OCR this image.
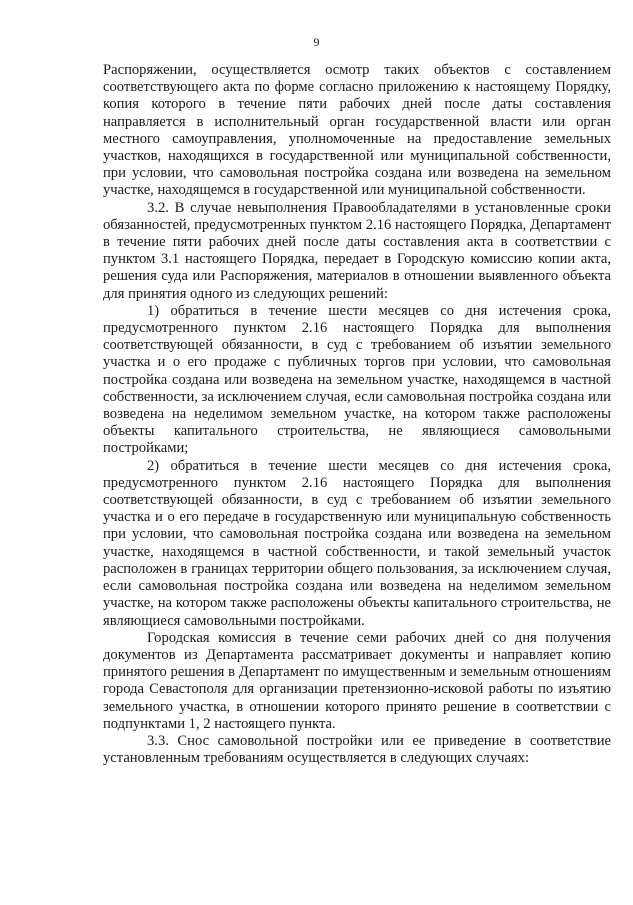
9

Распоряжении, осуществляется осмотр таких объектов с составлением соответствующего акта по форме согласно приложению к настоящему Порядку, копия которого в течение пяти рабочих дней после даты составления направляется в исполнительный орган государственной власти или орган местного самоуправления, уполномоченные на предоставление земельных участков, находящихся в государственной или муниципальной собственности, при условии, что самовольная постройка создана или возведена на земельном участке, находящемся в государственной или муниципальной собственности.

3.2. В случае невыполнения Правообладателями в установленные сроки обязанностей, предусмотренных пунктом 2.16 настоящего Порядка, Департамент в течение пяти рабочих дней после даты составления акта в соответствии с пунктом 3.1 настоящего Порядка, передает в Городскую комиссию копии акта, решения суда или Распоряжения, материалов в отношении выявленного объекта для принятия одного из следующих решений:

1) обратиться в течение шести месяцев со дня истечения срока, предусмотренного пунктом 2.16 настоящего Порядка для выполнения соответствующей обязанности, в суд с требованием об изъятии земельного участка и о его продаже с публичных торгов при условии, что самовольная постройка создана или возведена на земельном участке, находящемся в частной собственности, за исключением случая, если самовольная постройка создана или возведена на неделимом земельном участке, на котором также расположены объекты капитального строительства, не являющиеся самовольными постройками;

2) обратиться в течение шести месяцев со дня истечения срока, предусмотренного пунктом 2.16 настоящего Порядка для выполнения соответствующей обязанности, в суд с требованием об изъятии земельного участка и о его передаче в государственную или муниципальную собственность при условии, что самовольная постройка создана или возведена на земельном участке, находящемся в частной собственности, и такой земельный участок расположен в границах территории общего пользования, за исключением случая, если самовольная постройка создана или возведена на неделимом земельном участке, на котором также расположены объекты капитального строительства, не являющиеся самовольными постройками.

Городская комиссия в течение семи рабочих дней со дня получения документов из Департамента рассматривает документы и направляет копию принятого решения в Департамент по имущественным и земельным отношениям города Севастополя для организации претензионно-исковой работы по изъятию земельного участка, в отношении которого принято решение в соответствии с подпунктами 1, 2 настоящего пункта.

3.3. Снос самовольной постройки или ее приведение в соответствие установленным требованиям осуществляется в следующих случаях:
